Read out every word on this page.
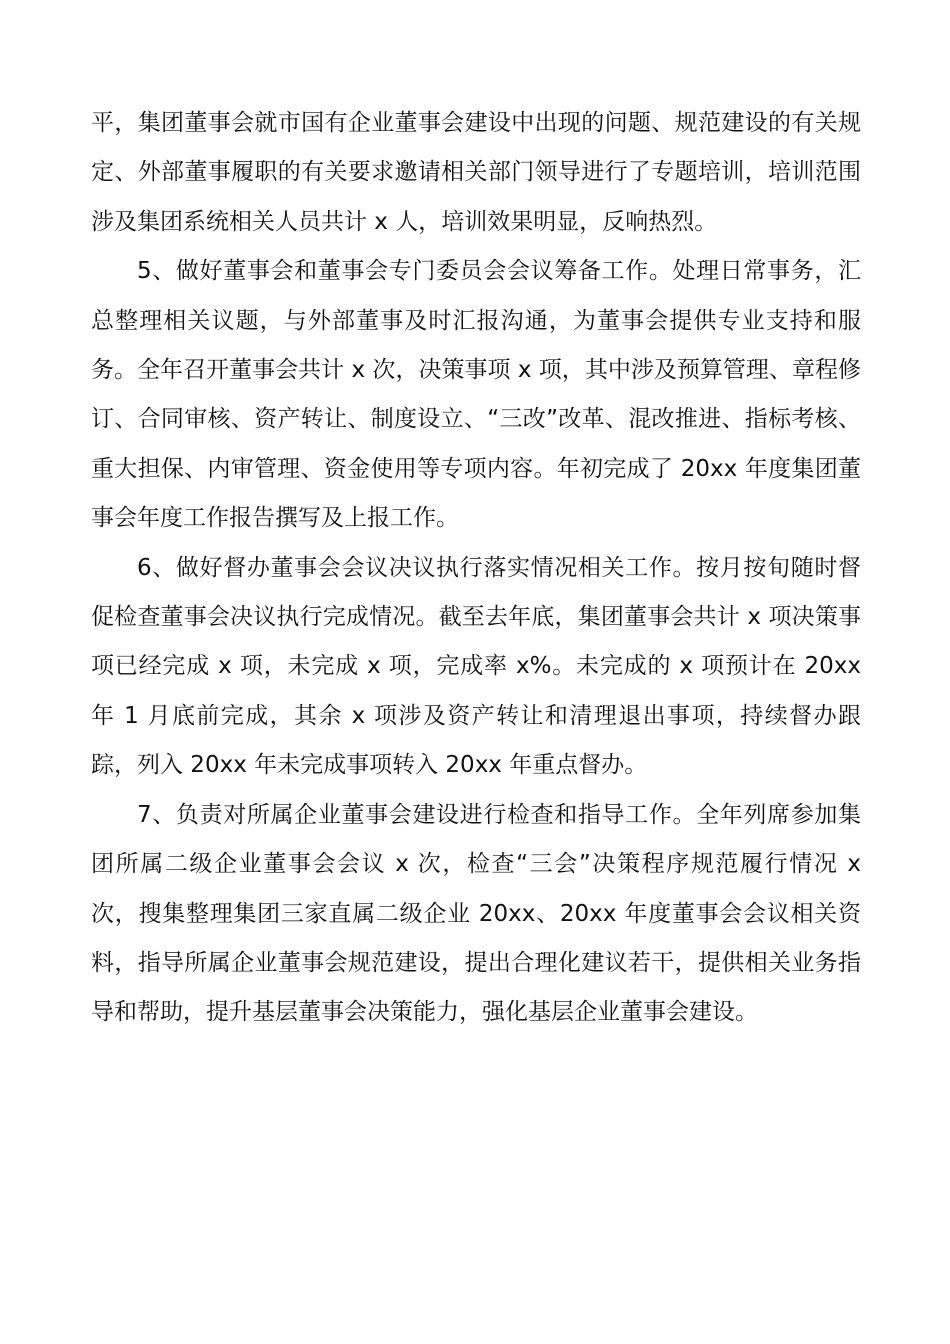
平，集团董事会就市国有企业董事会建设中出现的问题、规范建设的有关规定、外部董事履职的有关要求邀请相关部门领导进行了专题培训，培训范围涉及集团系统相关人员共计 x 人，培训效果明显，反响热烈。

5、做好董事会和董事会专门委员会会议筹备工作。处理日常事务，汇总整理相关议题，与外部董事及时汇报沟通，为董事会提供专业支持和服务。全年召开董事会共计 x 次，决策事项 x 项，其中涉及预算管理、章程修订、合同审核、资产转让、制度设立、“三改”改革、混改推进、指标考核、重大担保、内审管理、资金使用等专项内容。年初完成了 20xx 年度集团董事会年度工作报告撰写及上报工作。

6、做好督办董事会会议决议执行落实情况相关工作。按月按旬随时督促检查董事会决议执行完成情况。截至去年底，集团董事会共计 x 项决策事项已经完成 x 项，未完成 x 项，完成率 x%。未完成的 x 项预计在 20xx 年 1 月底前完成，其余 x 项涉及资产转让和清理退出事项，持续督办跟踪，列入 20xx 年未完成事项转入 20xx 年重点督办。

7、负责对所属企业董事会建设进行检查和指导工作。全年列席参加集团所属二级企业董事会会议 x 次，检查“三会”决策程序规范履行情况 x 次，搜集整理集团三家直属二级企业 20xx、20xx 年度董事会会议相关资料，指导所属企业董事会规范建设，提出合理化建议若干，提供相关业务指导和帮助，提升基层董事会决策能力，强化基层企业董事会建设。
